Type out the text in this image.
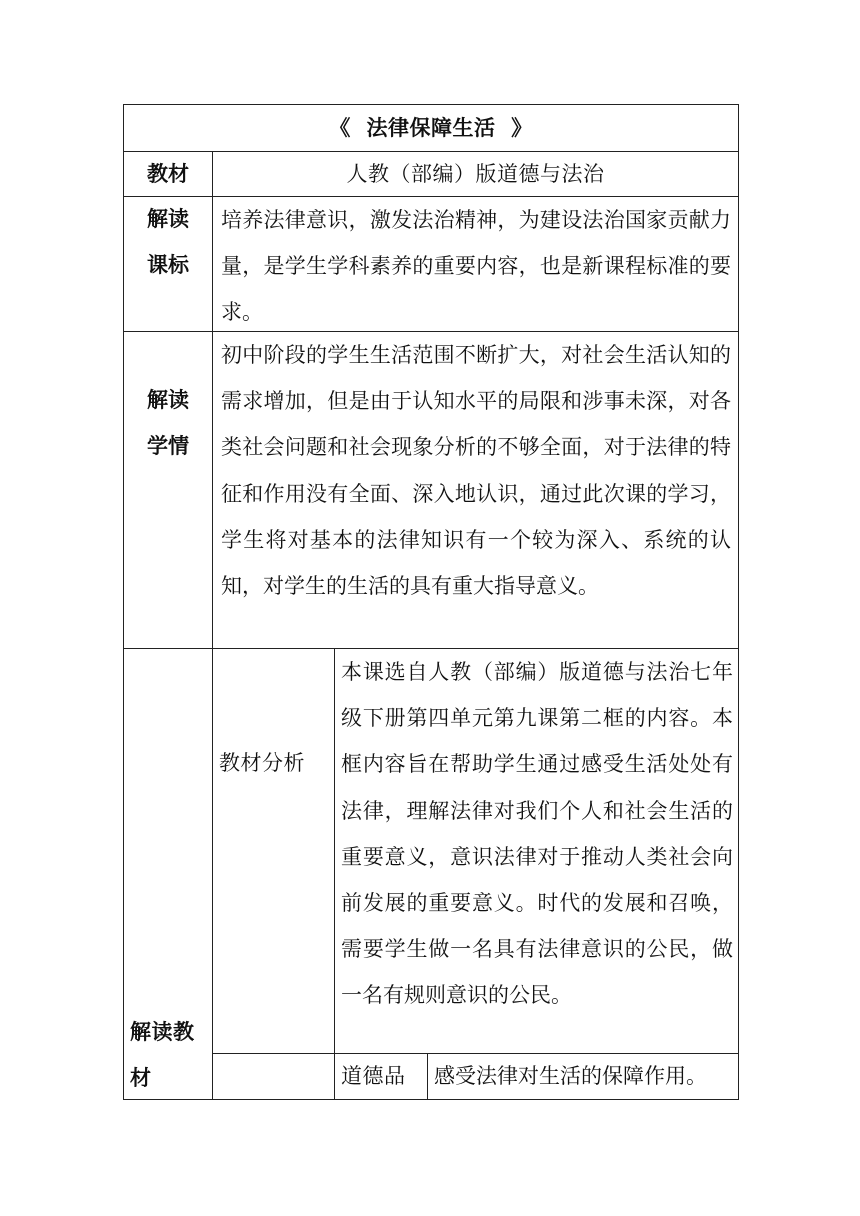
《  法律保障生活  》
教材	人教（部编）版道德与法治
解读
课标
培养法律意识，激发法治精神，为建设法治国家贡献力量，是学生学科素养的重要内容，也是新课程标准的要求。
解读
学情
初中阶段的学生生活范围不断扩大，对社会生活认知的需求增加，但是由于认知水平的局限和涉事未深，对各类社会问题和社会现象分析的不够全面，对于法律的特征和作用没有全面、深入地认识，通过此次课的学习，学生将对基本的法律知识有一个较为深入、系统的认知，对学生的生活的具有重大指导意义。
解读教
材
教材分析
本课选自人教（部编）版道德与法治七年级下册第四单元第九课第二框的内容。本框内容旨在帮助学生通过感受生活处处有法律，理解法律对我们个人和社会生活的重要意义，意识法律对于推动人类社会向前发展的重要意义。时代的发展和召唤，需要学生做一名具有法律意识的公民，做一名有规则意识的公民。
道德品	感受法律对生活的保障作用。
